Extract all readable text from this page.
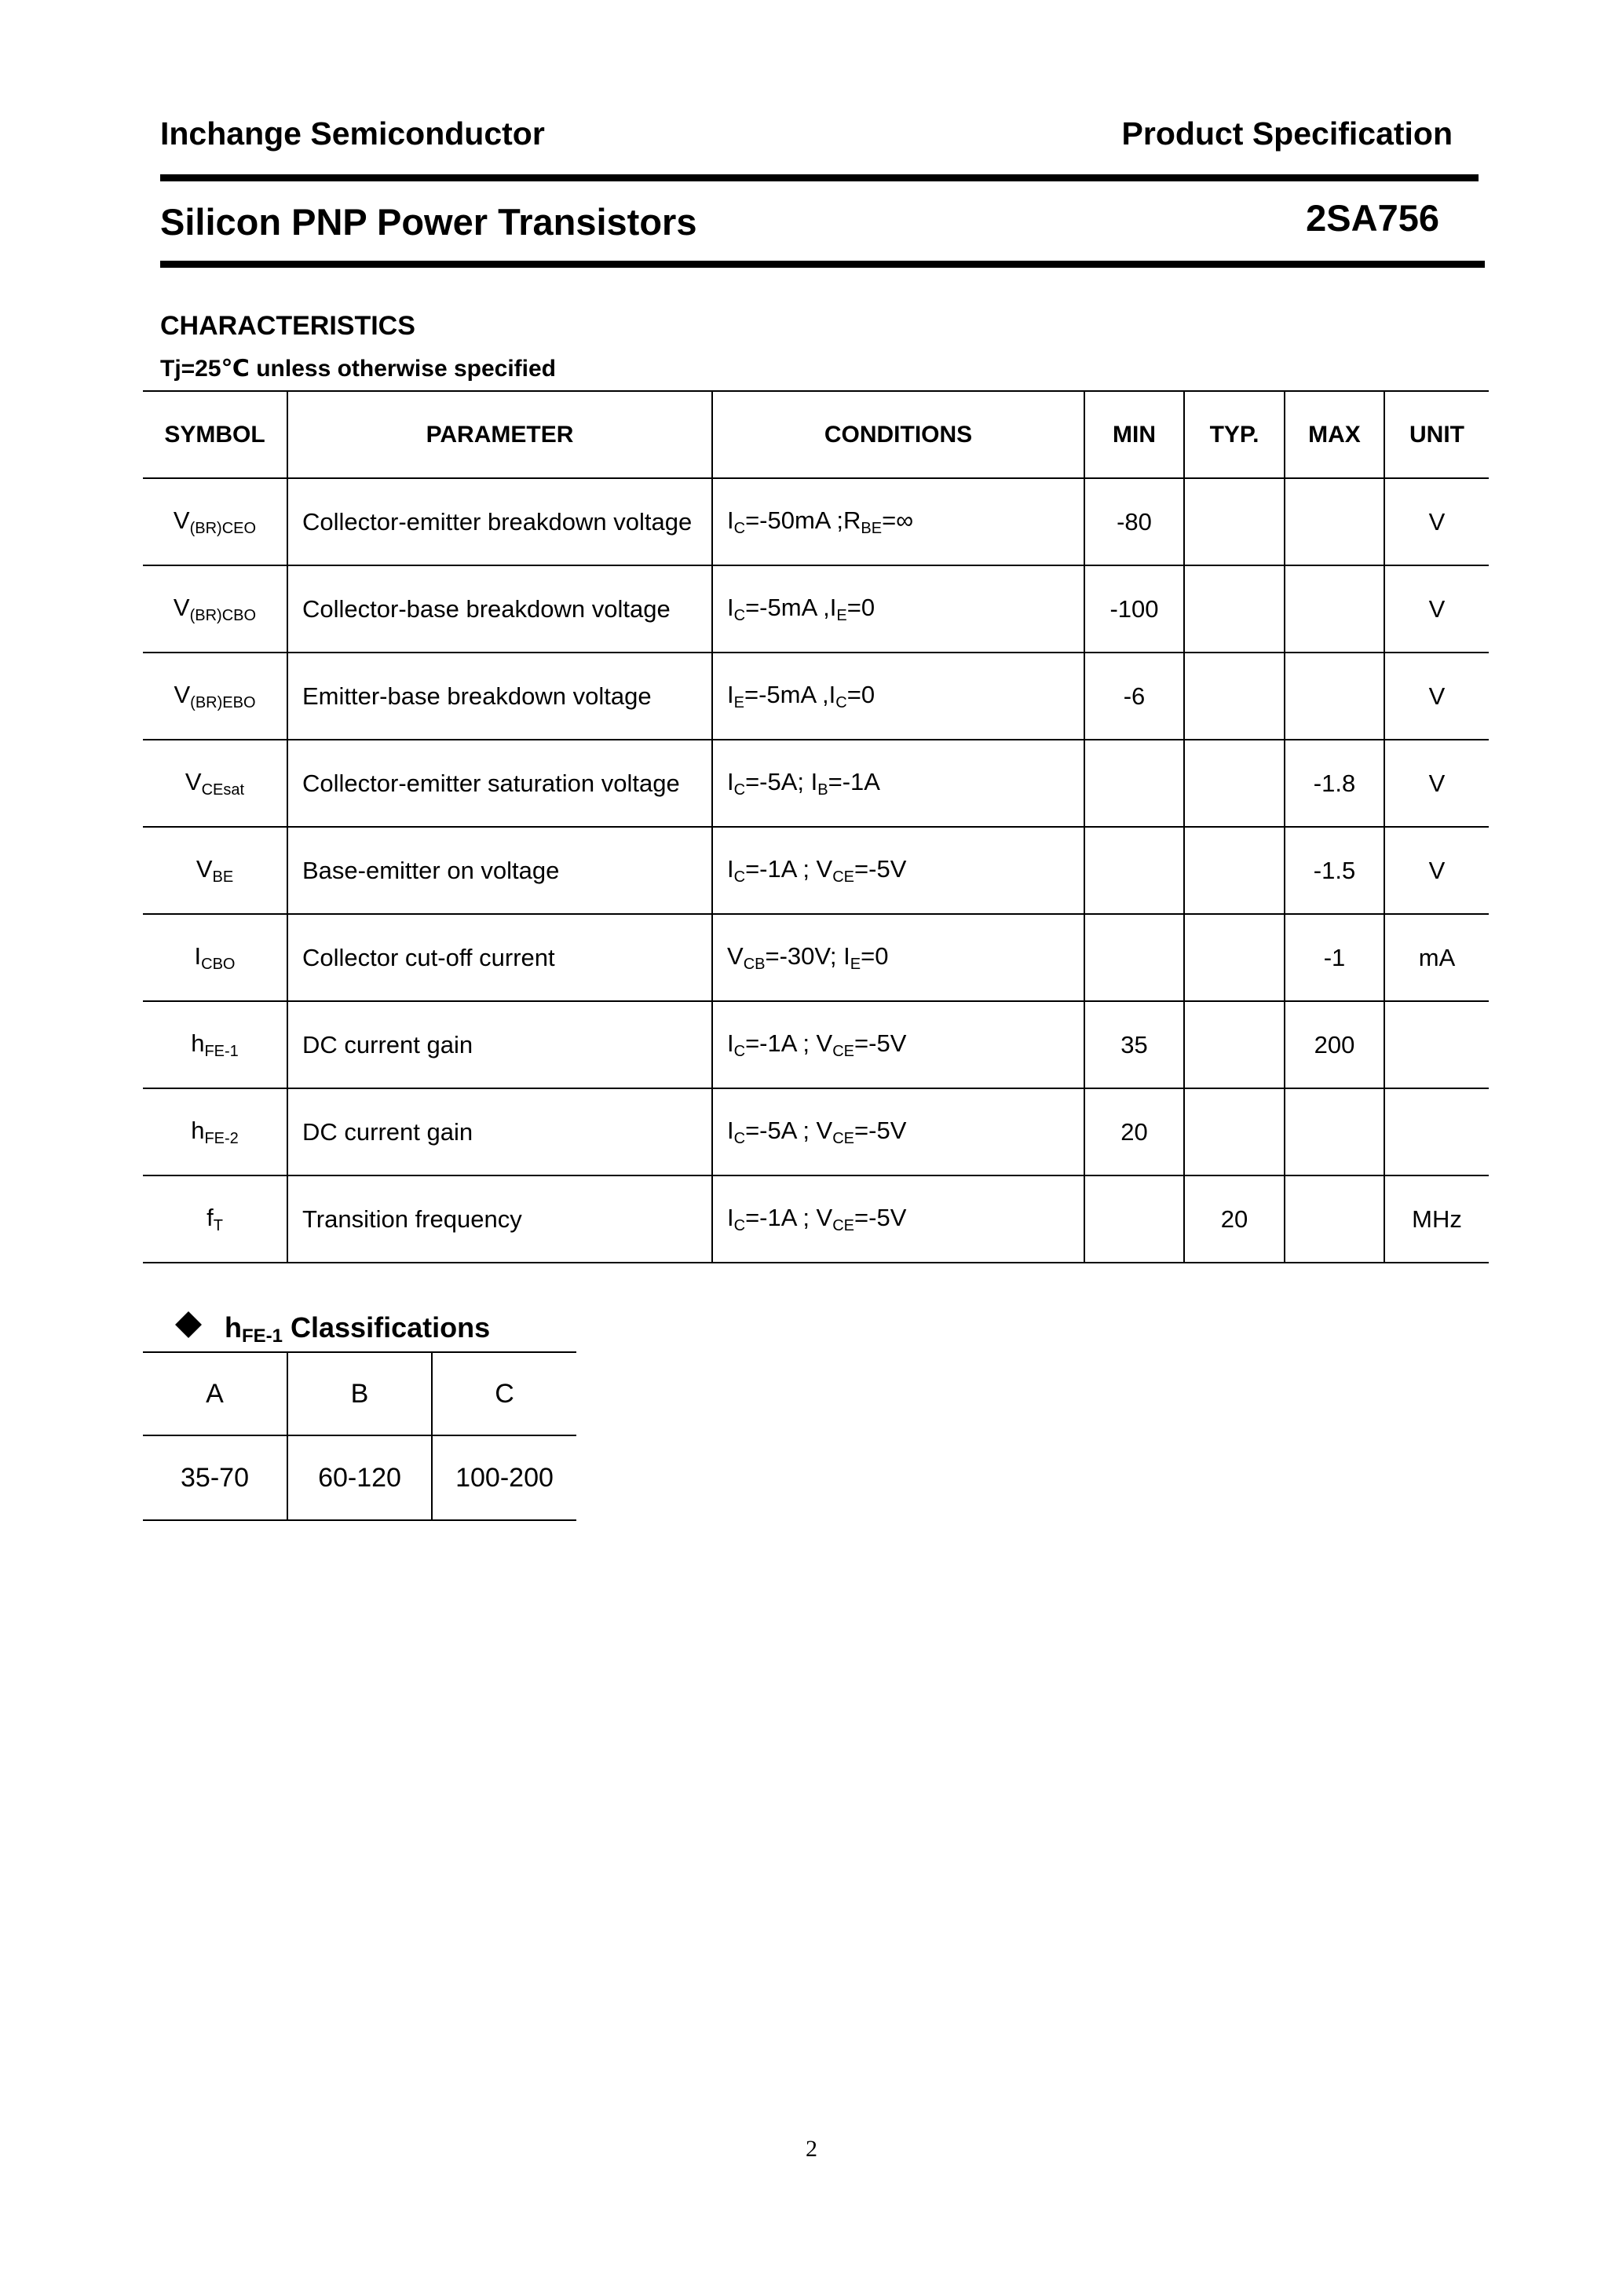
Inchange Semiconductor	Product Specification
Silicon PNP Power Transistors	2SA756
CHARACTERISTICS
Tj=25℃ unless otherwise specified
SYMBOL	PARAMETER	CONDITIONS	MIN	TYP.	MAX	UNIT
$V_{(BR)CEO}$	Collector-emitter breakdown voltage	$I_C=-50mA$ $;R_{BE}=\infty$	-80			V
$V_{(BR)CBO}$	Collector-base breakdown voltage	$I_C=-5mA$ $,I_E=0$	-100			V
$V_{(BR)EBO}$	Emitter-base breakdown voltage	$I_E=-5mA$ $,I_C=0$	-6			V
$V_{CEsat}$	Collector-emitter saturation voltage	$I_C=-5A$; $I_B=-1A$			-1.8	V
$V_{BE}$	Base-emitter on voltage	$I_C=-1A$ ; $V_{CE}=-5V$			-1.5	V
$I_{CBO}$	Collector cut-off current	$V_{CB}=-30V$; $I_E=0$			-1	mA
$h_{FE-1}$	DC current gain	$I_C=-1A$ ; $V_{CE}=-5V$	35		200	
$h_{FE-2}$	DC current gain	$I_C=-5A$ ; $V_{CE}=-5V$	20			
$f_T$	Transition frequency	$I_C=-1A$ ; $V_{CE}=-5V$		20		MHz
$h_{FE-1}$ Classifications
A	B	C
35-70	60-120	100-200
2
